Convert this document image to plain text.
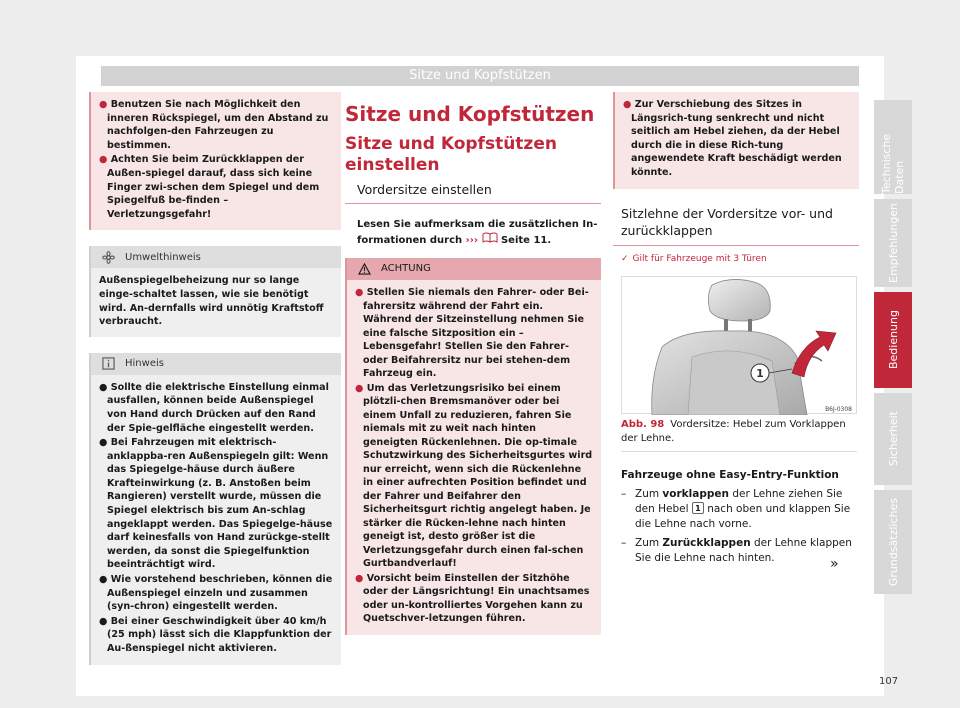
Sitze und Kopfstützen
● Benutzen Sie nach Möglichkeit den inneren Rückspiegel, um den Abstand zu nachfolgen-den Fahrzeugen zu bestimmen.
● Achten Sie beim Zurückklappen der Außen-spiegel darauf, dass sich keine Finger zwi-schen dem Spiegel und dem Spiegelfuß be-finden – Verletzungsgefahr!
Umwelthinweis
Außenspiegelbeheizung nur so lange einge-schaltet lassen, wie sie benötigt wird. An-dernfalls wird unnötig Kraftstoff verbraucht.
Hinweis
● Sollte die elektrische Einstellung einmal ausfallen, können beide Außenspiegel von Hand durch Drücken auf den Rand der Spie-gelfläche eingestellt werden.
● Bei Fahrzeugen mit elektrisch-anklappba-ren Außenspiegeln gilt: Wenn das Spiegelge-häuse durch äußere Krafteinwirkung (z. B. Anstoßen beim Rangieren) verstellt wurde, müssen die Spiegel elektrisch bis zum An-schlag angeklappt werden. Das Spiegelge-häuse darf keinesfalls von Hand zurückge-stellt werden, da sonst die Spiegelfunktion beeinträchtigt wird.
● Wie vorstehend beschrieben, können die Außenspiegel einzeln und zusammen (syn-chron) eingestellt werden.
● Bei einer Geschwindigkeit über 40 km/h (25 mph) lässt sich die Klappfunktion der Au-ßenspiegel nicht aktivieren.
Sitze und Kopfstützen
Sitze und Kopfstützen einstellen
Vordersitze einstellen
Lesen Sie aufmerksam die zusätzlichen In-formationen durch ››› Seite 11.
ACHTUNG
● Stellen Sie niemals den Fahrer- oder Bei-fahrersitz während der Fahrt ein. Während der Sitzeinstellung nehmen Sie eine falsche Sitzposition ein – Lebensgefahr! Stellen Sie den Fahrer- oder Beifahrersitz nur bei stehen-dem Fahrzeug ein.
● Um das Verletzungsrisiko bei einem plötzli-chen Bremsmanöver oder bei einem Unfall zu reduzieren, fahren Sie niemals mit zu weit nach hinten geneigten Rückenlehnen. Die op-timale Schutzwirkung des Sicherheitsgurtes wird nur erreicht, wenn sich die Rückenlehne in einer aufrechten Position befindet und der Fahrer und Beifahrer den Sicherheitsgurt richtig angelegt haben. Je stärker die Rücken-lehne nach hinten geneigt ist, desto größer ist die Verletzungsgefahr durch einen fal-schen Gurtbandverlauf!
● Vorsicht beim Einstellen der Sitzhöhe oder der Längsrichtung! Ein unachtsames oder un-kontrolliertes Vorgehen kann zu Quetschver-letzungen führen.
● Zur Verschiebung des Sitzes in Längsrich-tung senkrecht und nicht seitlich am Hebel ziehen, da der Hebel durch die in diese Rich-tung angewendete Kraft beschädigt werden könnte.
Sitzlehne der Vordersitze vor- und zurückklappen
✓ Gilt für Fahrzeuge mit 3 Türen
1
B6J-0308
Abb. 98 Vordersitze: Hebel zum Vorklappen der Lehne.
Fahrzeuge ohne Easy-Entry-Funktion
– Zum vorklappen der Lehne ziehen Sie den Hebel 1 nach oben und klappen Sie die Lehne nach vorne.
– Zum Zurückklappen der Lehne klappen Sie die Lehne nach hinten.	»
Technische Daten
Empfehlungen
Bedienung
Sicherheit
Grundsätzliches
107
